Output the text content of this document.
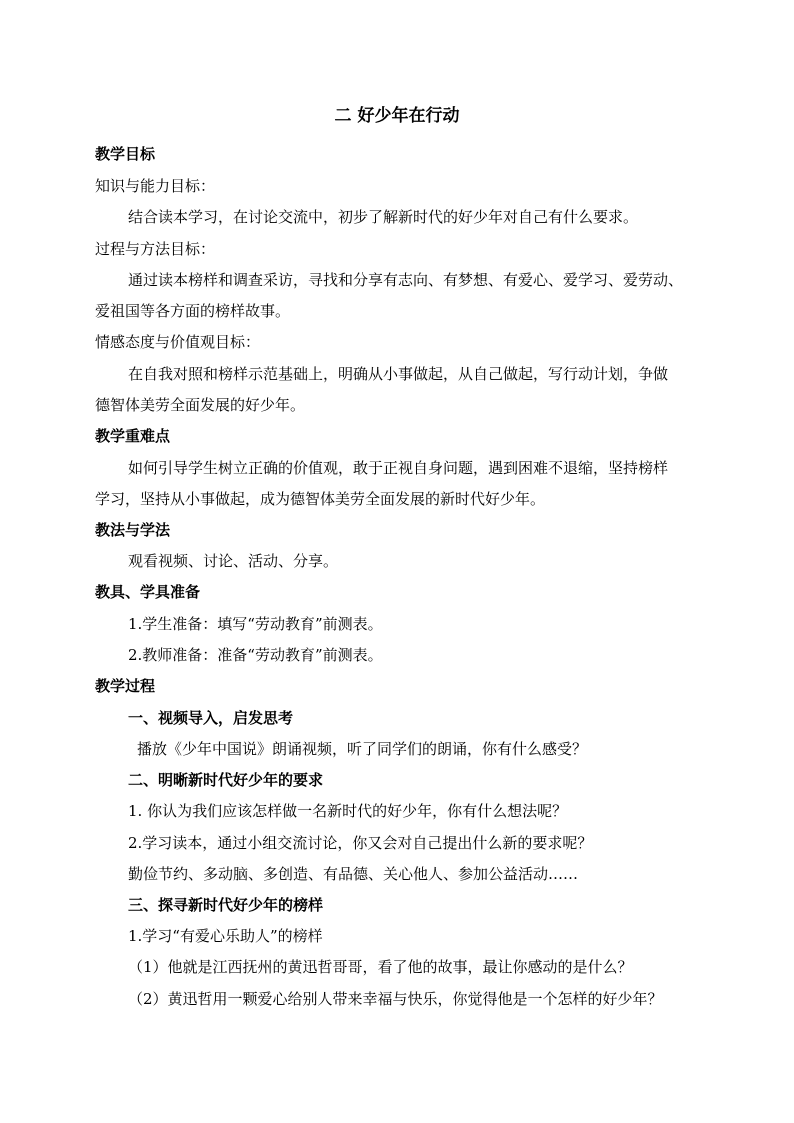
二 好少年在行动
教学目标
知识与能力目标：
结合读本学习，在讨论交流中，初步了解新时代的好少年对自己有什么要求。
过程与方法目标：
通过读本榜样和调查采访，寻找和分享有志向、有梦想、有爱心、爱学习、爱劳动、
爱祖国等各方面的榜样故事。
情感态度与价值观目标：
在自我对照和榜样示范基础上，明确从小事做起，从自己做起，写行动计划，争做
德智体美劳全面发展的好少年。
教学重难点
如何引导学生树立正确的价值观，敢于正视自身问题，遇到困难不退缩，坚持榜样
学习，坚持从小事做起，成为德智体美劳全面发展的新时代好少年。
教法与学法
观看视频、讨论、活动、分享。
教具、学具准备
1.学生准备：填写“劳动教育”前测表。
2.教师准备：准备“劳动教育”前测表。
教学过程
一、视频导入，启发思考
播放《少年中国说》朗诵视频，听了同学们的朗诵，你有什么感受？
二、明晰新时代好少年的要求
1. 你认为我们应该怎样做一名新时代的好少年，你有什么想法呢？
2.学习读本，通过小组交流讨论，你又会对自己提出什么新的要求呢？
勤俭节约、多动脑、多创造、有品德、关心他人、参加公益活动……
三、探寻新时代好少年的榜样
1.学习“有爱心乐助人”的榜样
（1）他就是江西抚州的黄迅哲哥哥，看了他的故事，最让你感动的是什么？
（2）黄迅哲用一颗爱心给别人带来幸福与快乐，你觉得他是一个怎样的好少年？
